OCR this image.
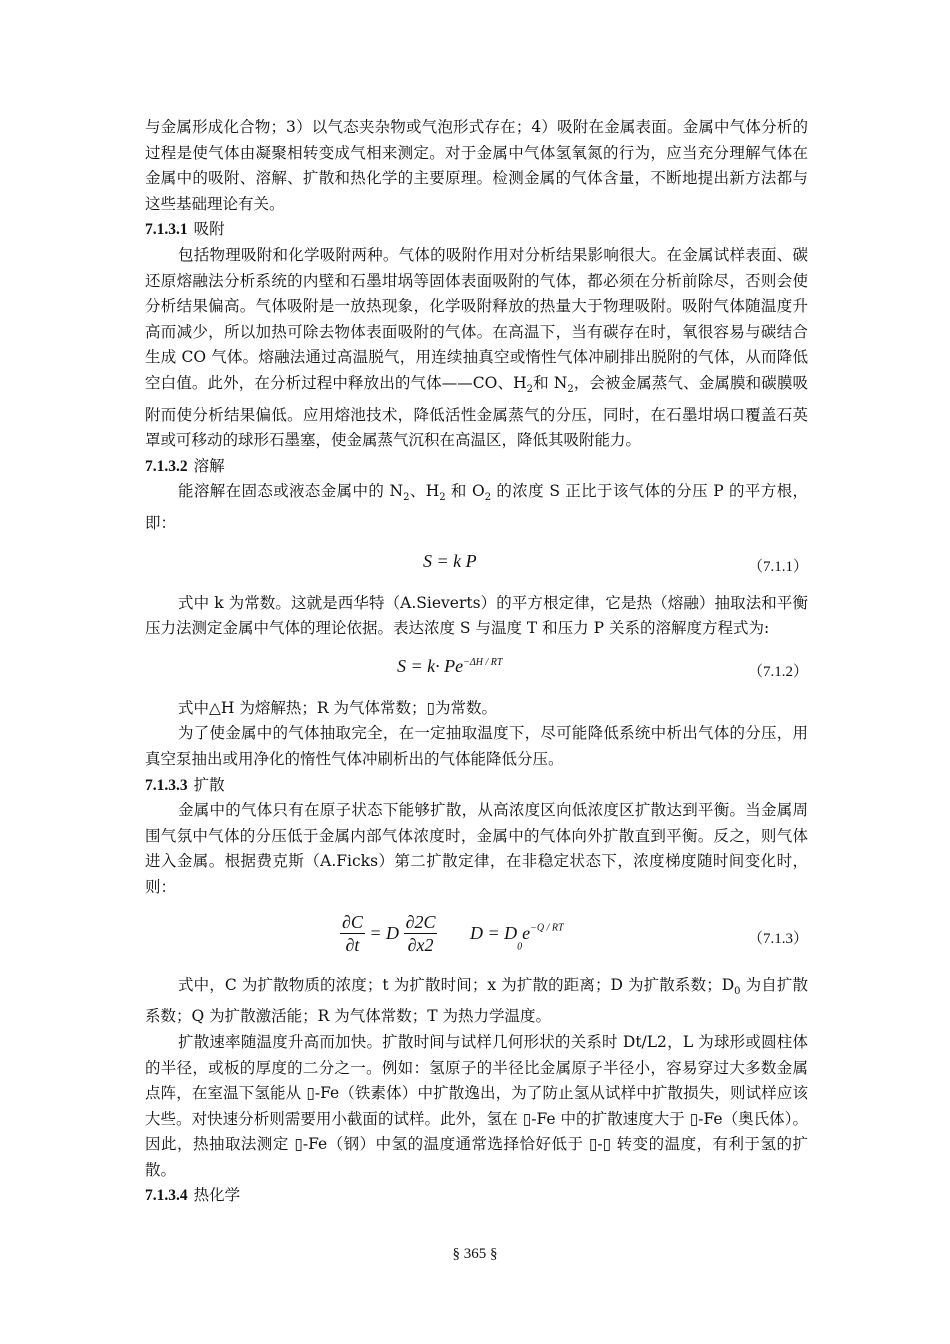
与金属形成化合物；3）以气态夹杂物或气泡形式存在；4）吸附在金属表面。金属中气体分析的过程是使气体由凝聚相转变成气相来测定。对于金属中气体氢氧氮的行为，应当充分理解气体在金属中的吸附、溶解、扩散和热化学的主要原理。检测金属的气体含量，不断地提出新方法都与这些基础理论有关。

7.1.3.1 吸附

包括物理吸附和化学吸附两种。气体的吸附作用对分析结果影响很大。在金属试样表面、碳还原熔融法分析系统的内壁和石墨坩埚等固体表面吸附的气体，都必须在分析前除尽，否则会使分析结果偏高。气体吸附是一放热现象，化学吸附释放的热量大于物理吸附。吸附气体随温度升高而减少，所以加热可除去物体表面吸附的气体。在高温下，当有碳存在时，氧很容易与碳结合生成 CO 气体。熔融法通过高温脱气，用连续抽真空或惰性气体冲刷排出脱附的气体，从而降低空白值。此外，在分析过程中释放出的气体——CO、$H_2$和 $N_2$，会被金属蒸气、金属膜和碳膜吸附而使分析结果偏低。应用熔池技术，降低活性金属蒸气的分压，同时，在石墨坩埚口覆盖石英罩或可移动的球形石墨塞，使金属蒸气沉积在高温区，降低其吸附能力。

7.1.3.2 溶解

能溶解在固态或液态金属中的 $N_2$、$H_2$ 和 $O_2$ 的浓度 S 正比于该气体的分压 P 的平方根，即：

S = k P	（7.1.1）

式中 k 为常数。这就是西华特（A.Sieverts）的平方根定律，它是热（熔融）抽取法和平衡压力法测定金属中气体的理论依据。表达浓度 S 与温度 T 和压力 P 关系的溶解度方程式为:

$S = k\cdot Pe^{-\Delta H / RT}$
（7.1.2）

式中△H 为熔解热；R 为气体常数；▯为常数。

为了使金属中的气体抽取完全，在一定抽取温度下，尽可能降低系统中析出气体的分压，用真空泵抽出或用净化的惰性气体冲刷析出的气体能降低分压。

7.1.3.3 扩散

金属中的气体只有在原子状态下能够扩散，从高浓度区向低浓度区扩散达到平衡。当金属周围气氛中气体的分压低于金属内部气体浓度时，金属中的气体向外扩散直到平衡。反之，则气体进入金属。根据费克斯（A.Ficks）第二扩散定律，在非稳定状态下，浓度梯度随时间变化时，则：

$\frac{\partial C}{\partial t} = D \frac{\partial 2C}{\partial x2}$ $D = D_0e^{-Q / RT}$
（7.1.3）

式中，C 为扩散物质的浓度；t 为扩散时间；x 为扩散的距离；D 为扩散系数；$D_0$ 为自扩散系数；Q 为扩散激活能；R 为气体常数；T 为热力学温度。

扩散速率随温度升高而加快。扩散时间与试样几何形状的关系时 Dt/L2，L 为球形或圆柱体的半径，或板的厚度的二分之一。例如：氢原子的半径比金属原子半径小，容易穿过大多数金属点阵，在室温下氢能从 ▯-Fe（铁素体）中扩散逸出，为了防止氢从试样中扩散损失，则试样应该大些。对快速分析则需要用小截面的试样。此外，氢在 ▯-Fe 中的扩散速度大于 ▯-Fe（奥氏体）。因此，热抽取法测定 ▯-Fe（钢）中氢的温度通常选择恰好低于 ▯-▯ 转变的温度，有利于氢的扩散。

7.1.3.4 热化学
§ 365 §
